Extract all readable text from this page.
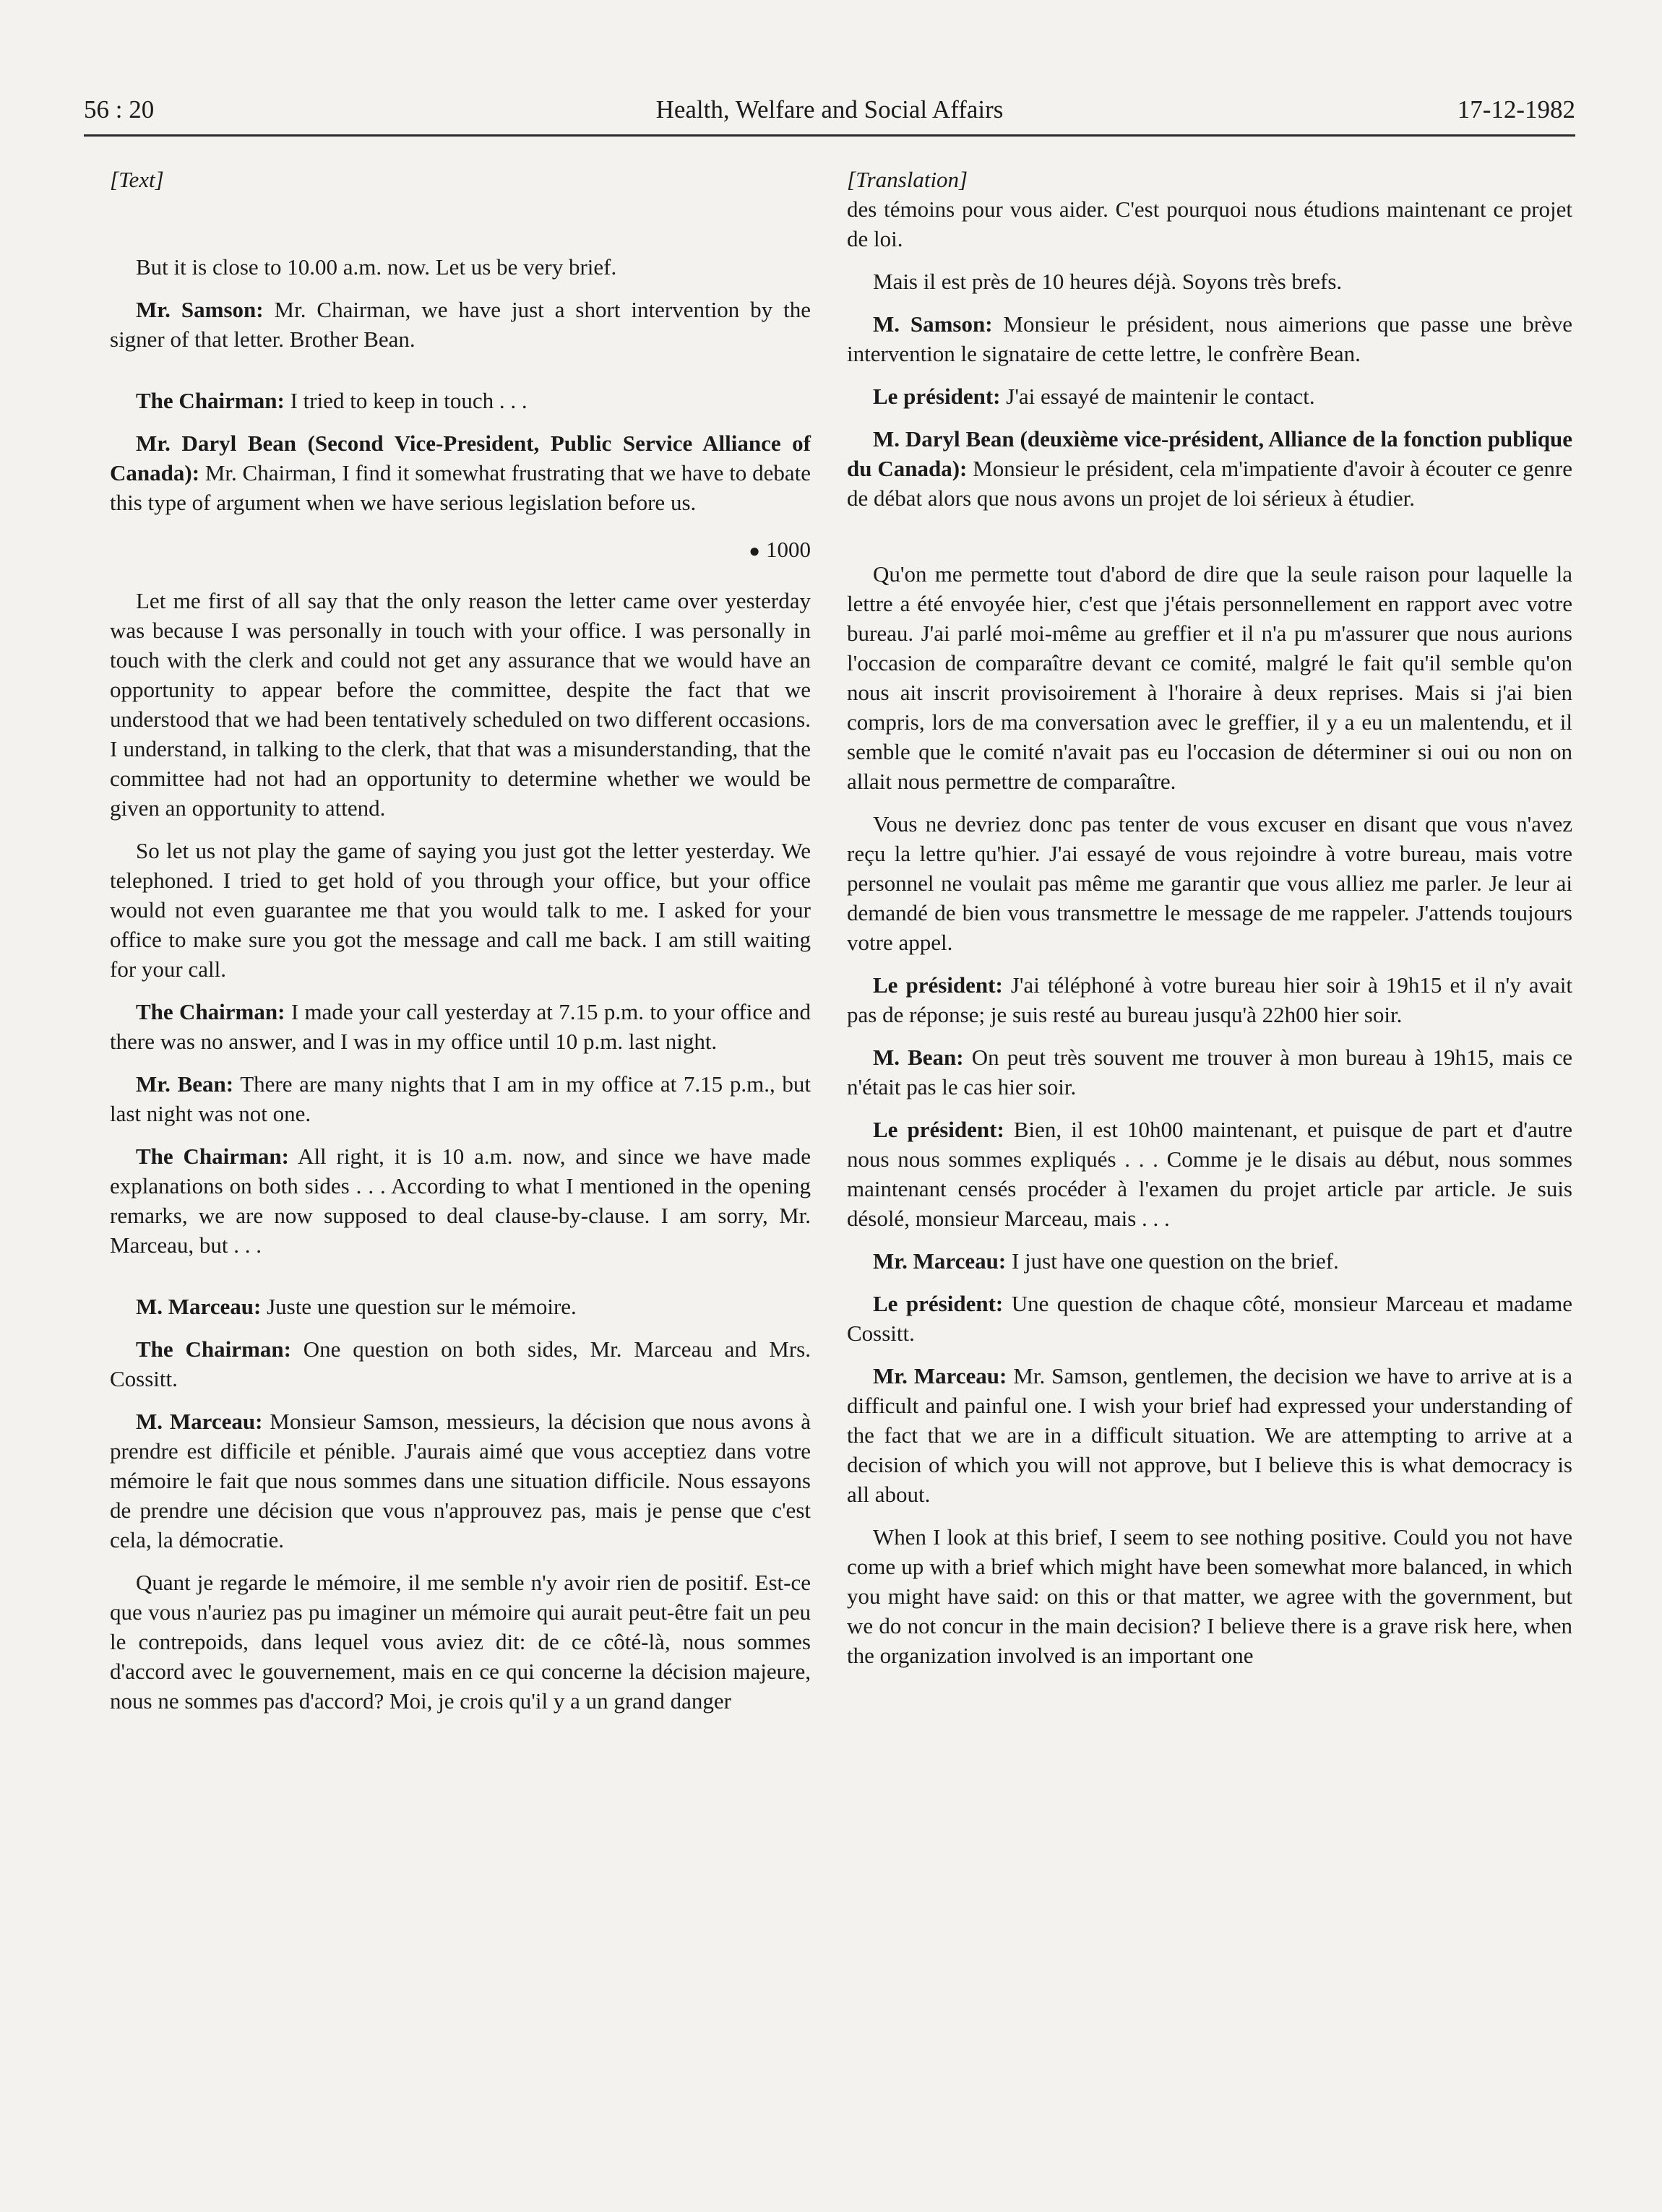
56 : 20	Health, Welfare and Social Affairs	17-12-1982

[Text]

But it is close to 10.00 a.m. now. Let us be very brief.

Mr. Samson: Mr. Chairman, we have just a short intervention by the signer of that letter. Brother Bean.

The Chairman: I tried to keep in touch . . .

Mr. Daryl Bean (Second Vice-President, Public Service Alliance of Canada): Mr. Chairman, I find it somewhat frustrating that we have to debate this type of argument when we have serious legislation before us.

● 1000

Let me first of all say that the only reason the letter came over yesterday was because I was personally in touch with your office. I was personally in touch with the clerk and could not get any assurance that we would have an opportunity to appear before the committee, despite the fact that we understood that we had been tentatively scheduled on two different occasions. I understand, in talking to the clerk, that that was a misunderstanding, that the committee had not had an opportunity to determine whether we would be given an opportunity to attend.

So let us not play the game of saying you just got the letter yesterday. We telephoned. I tried to get hold of you through your office, but your office would not even guarantee me that you would talk to me. I asked for your office to make sure you got the message and call me back. I am still waiting for your call.

The Chairman: I made your call yesterday at 7.15 p.m. to your office and there was no answer, and I was in my office until 10 p.m. last night.

Mr. Bean: There are many nights that I am in my office at 7.15 p.m., but last night was not one.

The Chairman: All right, it is 10 a.m. now, and since we have made explanations on both sides . . . According to what I mentioned in the opening remarks, we are now supposed to deal clause-by-clause. I am sorry, Mr. Marceau, but . . .

M. Marceau: Juste une question sur le mémoire.

The Chairman: One question on both sides, Mr. Marceau and Mrs. Cossitt.

M. Marceau: Monsieur Samson, messieurs, la décision que nous avons à prendre est difficile et pénible. J'aurais aimé que vous acceptiez dans votre mémoire le fait que nous sommes dans une situation difficile. Nous essayons de prendre une décision que vous n'approuvez pas, mais je pense que c'est cela, la démocratie.

Quant je regarde le mémoire, il me semble n'y avoir rien de positif. Est-ce que vous n'auriez pas pu imaginer un mémoire qui aurait peut-être fait un peu le contrepoids, dans lequel vous aviez dit: de ce côté-là, nous sommes d'accord avec le gouvernement, mais en ce qui concerne la décision majeure, nous ne sommes pas d'accord? Moi, je crois qu'il y a un grand danger

[Translation]

des témoins pour vous aider. C'est pourquoi nous étudions maintenant ce projet de loi.

Mais il est près de 10 heures déjà. Soyons très brefs.

M. Samson: Monsieur le président, nous aimerions que passe une brève intervention le signataire de cette lettre, le confrère Bean.

Le président: J'ai essayé de maintenir le contact.

M. Daryl Bean (deuxième vice-président, Alliance de la fonction publique du Canada): Monsieur le président, cela m'impatiente d'avoir à écouter ce genre de débat alors que nous avons un projet de loi sérieux à étudier.

Qu'on me permette tout d'abord de dire que la seule raison pour laquelle la lettre a été envoyée hier, c'est que j'étais personnellement en rapport avec votre bureau. J'ai parlé moi-même au greffier et il n'a pu m'assurer que nous aurions l'occasion de comparaître devant ce comité, malgré le fait qu'il semble qu'on nous ait inscrit provisoirement à l'horaire à deux reprises. Mais si j'ai bien compris, lors de ma conversation avec le greffier, il y a eu un malentendu, et il semble que le comité n'avait pas eu l'occasion de déterminer si oui ou non on allait nous permettre de comparaître.

Vous ne devriez donc pas tenter de vous excuser en disant que vous n'avez reçu la lettre qu'hier. J'ai essayé de vous rejoindre à votre bureau, mais votre personnel ne voulait pas même me garantir que vous alliez me parler. Je leur ai demandé de bien vous transmettre le message de me rappeler. J'attends toujours votre appel.

Le président: J'ai téléphoné à votre bureau hier soir à 19h15 et il n'y avait pas de réponse; je suis resté au bureau jusqu'à 22h00 hier soir.

M. Bean: On peut très souvent me trouver à mon bureau à 19h15, mais ce n'était pas le cas hier soir.

Le président: Bien, il est 10h00 maintenant, et puisque de part et d'autre nous nous sommes expliqués . . . Comme je le disais au début, nous sommes maintenant censés procéder à l'examen du projet article par article. Je suis désolé, monsieur Marceau, mais . . .

Mr. Marceau: I just have one question on the brief.

Le président: Une question de chaque côté, monsieur Marceau et madame Cossitt.

Mr. Marceau: Mr. Samson, gentlemen, the decision we have to arrive at is a difficult and painful one. I wish your brief had expressed your understanding of the fact that we are in a difficult situation. We are attempting to arrive at a decision of which you will not approve, but I believe this is what democracy is all about.

When I look at this brief, I seem to see nothing positive. Could you not have come up with a brief which might have been somewhat more balanced, in which you might have said: on this or that matter, we agree with the government, but we do not concur in the main decision? I believe there is a grave risk here, when the organization involved is an important one
